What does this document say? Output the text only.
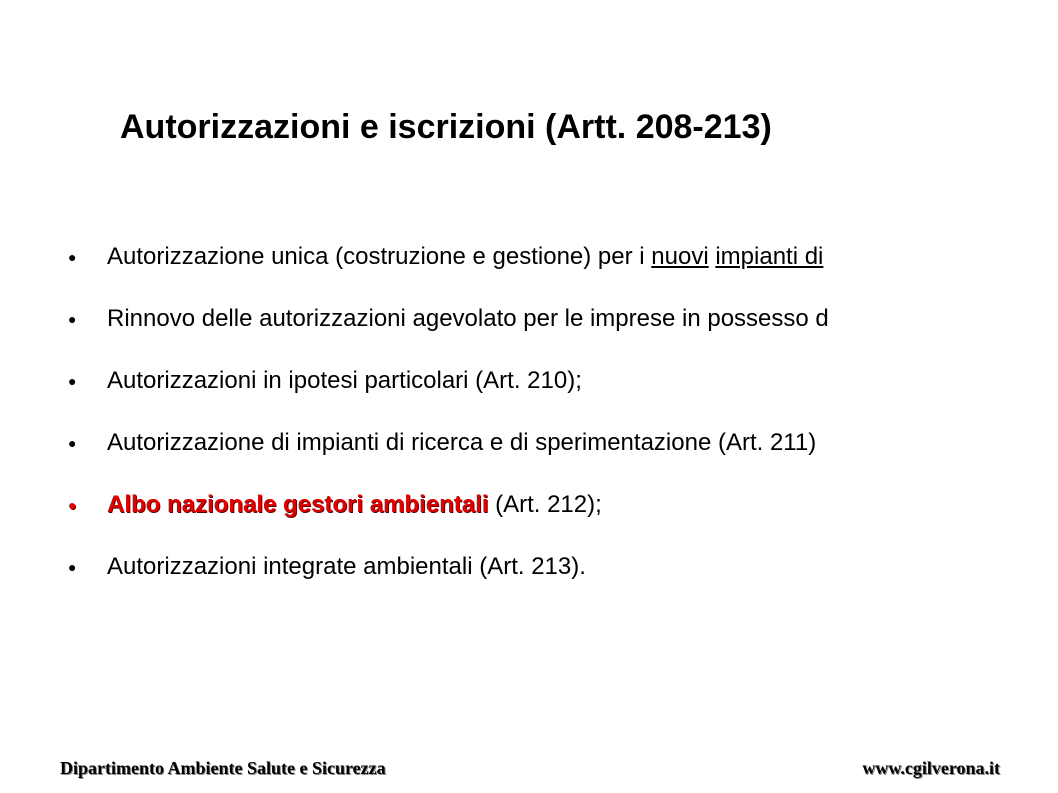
Autorizzazioni e iscrizioni (Artt. 208-213)
● Autorizzazione unica (costruzione e gestione) per i nuovi impianti di
● Rinnovo delle autorizzazioni agevolato per le imprese in possesso d
● Autorizzazioni in ipotesi particolari (Art. 210);
● Autorizzazione di impianti di ricerca e di sperimentazione (Art. 211)
● Albo nazionale gestori ambientali (Art. 212);
● Autorizzazioni integrate ambientali (Art. 213).
Dipartimento Ambiente Salute e Sicurezza	www.cgilverona.it
